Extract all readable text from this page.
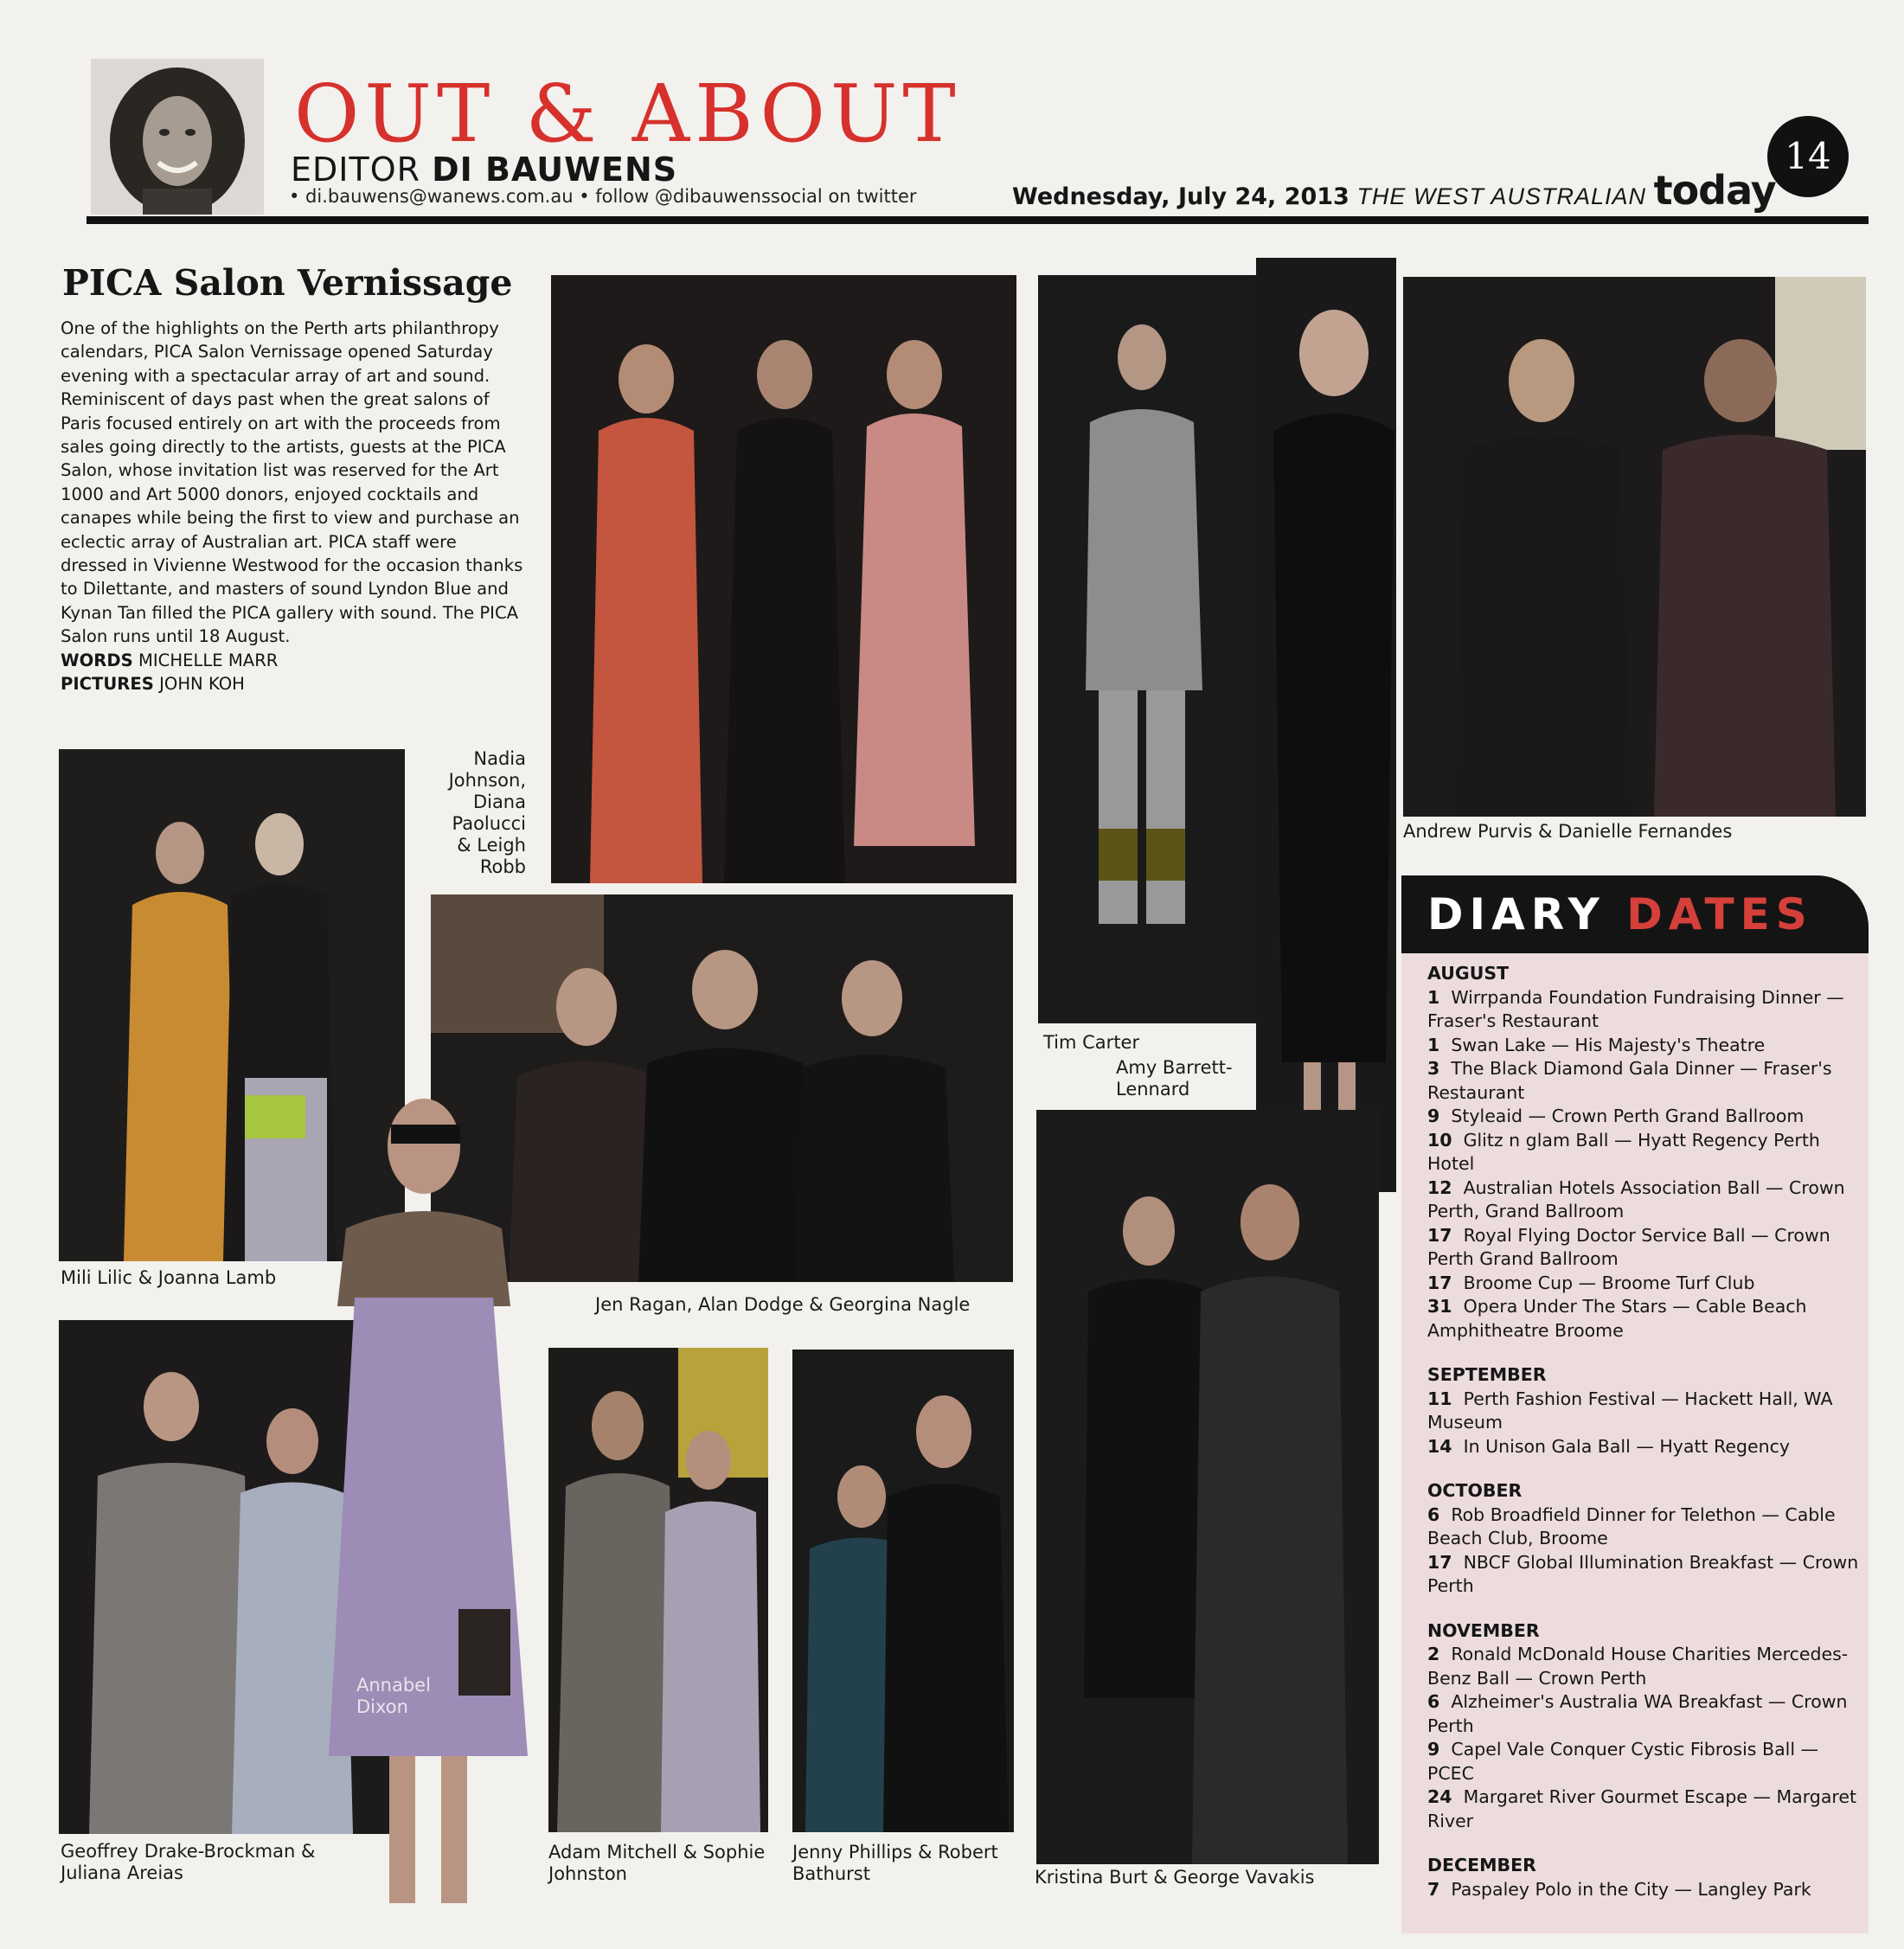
OUT & ABOUT
EDITOR DI BAUWENS
• di.bauwens@wanews.com.au • follow @dibauwenssocial on twitter	Wednesday, July 24, 2013 THE WEST AUSTRALIAN today
14
PICA Salon Vernissage

One of the highlights on the Perth arts philanthropy calendars, PICA Salon Vernissage opened Saturday evening with a spectacular array of art and sound. Reminiscent of days past when the great salons of Paris focused entirely on art with the proceeds from sales going directly to the artists, guests at the PICA Salon, whose invitation list was reserved for the Art 1000 and Art 5000 donors, enjoyed cocktails and canapes while being the first to view and purchase an eclectic array of Australian art. PICA staff were dressed in Vivienne Westwood for the occasion thanks to Dilettante, and masters of sound Lyndon Blue and Kynan Tan filled the PICA gallery with sound. The PICA Salon runs until 18 August.

WORDS MICHELLE MARR
PICTURES JOHN KOH
Nadia Johnson, Diana Paolucci & Leigh Robb
Tim Carter
Amy Barrett-Lennard
Andrew Purvis & Danielle Fernandes
Mili Lilic & Joanna Lamb
Jen Ragan, Alan Dodge & Georgina Nagle
Annabel Dixon
Geoffrey Drake-Brockman & Juliana Areias
Adam Mitchell & Sophie Johnston
Jenny Phillips & Robert Bathurst	Kristina Burt & George Vavakis
DIARY DATES
AUGUST
1 Wirrpanda Foundation Fundraising Dinner — Fraser's Restaurant
1 Swan Lake — His Majesty's Theatre
3 The Black Diamond Gala Dinner — Fraser's Restaurant
9 Styleaid — Crown Perth Grand Ballroom
10 Glitz n glam Ball — Hyatt Regency Perth Hotel
12 Australian Hotels Association Ball — Crown Perth, Grand Ballroom
17 Royal Flying Doctor Service Ball — Crown Perth Grand Ballroom
17 Broome Cup — Broome Turf Club
31 Opera Under The Stars — Cable Beach Amphitheatre Broome
SEPTEMBER
11 Perth Fashion Festival — Hackett Hall, WA Museum
14 In Unison Gala Ball — Hyatt Regency
OCTOBER
6 Rob Broadfield Dinner for Telethon — Cable Beach Club, Broome
17 NBCF Global Illumination Breakfast — Crown Perth
NOVEMBER
2 Ronald McDonald House Charities Mercedes-Benz Ball — Crown Perth
6 Alzheimer's Australia WA Breakfast — Crown Perth
9 Capel Vale Conquer Cystic Fibrosis Ball — PCEC
24 Margaret River Gourmet Escape — Margaret River
DECEMBER
7 Paspaley Polo in the City — Langley Park
